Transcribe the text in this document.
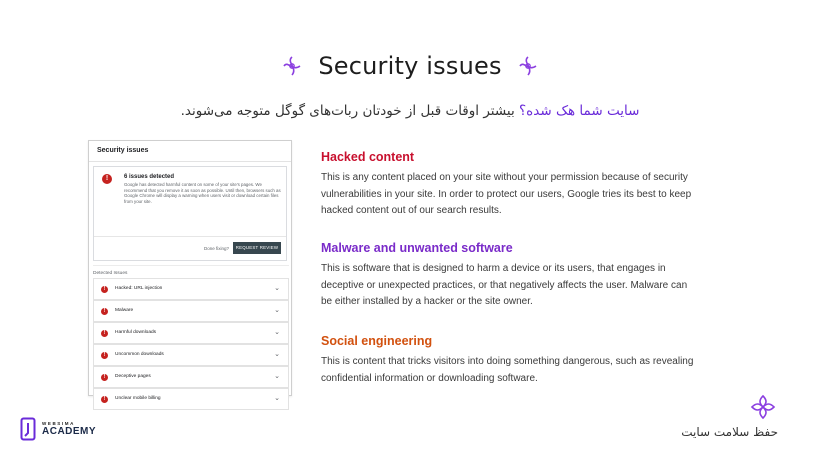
Security issues
سایت شما هک شده؟ بیشتر اوقات قبل از خودتان ربات‌های گوگل متوجه می‌شوند.
Security issues
!	6 issues detected
Google has detected harmful content on some of your site's pages. We recommend that you remove it as soon as possible. Until then, browsers such as Google Chrome will display a warning when users visit or download certain files from your site.
Done fixing?	REQUEST REVIEW
Detected Issues
!	Hacked: URL injection	⌄
!	Malware	⌄
!	Harmful downloads	⌄
!	Uncommon downloads	⌄
!	Deceptive pages	⌄
!	Unclear mobile billing	⌄
Hacked content

This is any content placed on your site without your permission because of security vulnerabilities in your site. In order to protect our users, Google tries its best to keep hacked content out of our search results.

Malware and unwanted software

This is software that is designed to harm a device or its users, that engages in deceptive or unexpected practices, or that negatively affects the user. Malware can be either installed by a hacker or the site owner.

Social engineering

This is content that tricks visitors into doing something dangerous, such as revealing confidential information or downloading software.

WEBSIMA
ACADEMY	حفظ سلامت سایت
